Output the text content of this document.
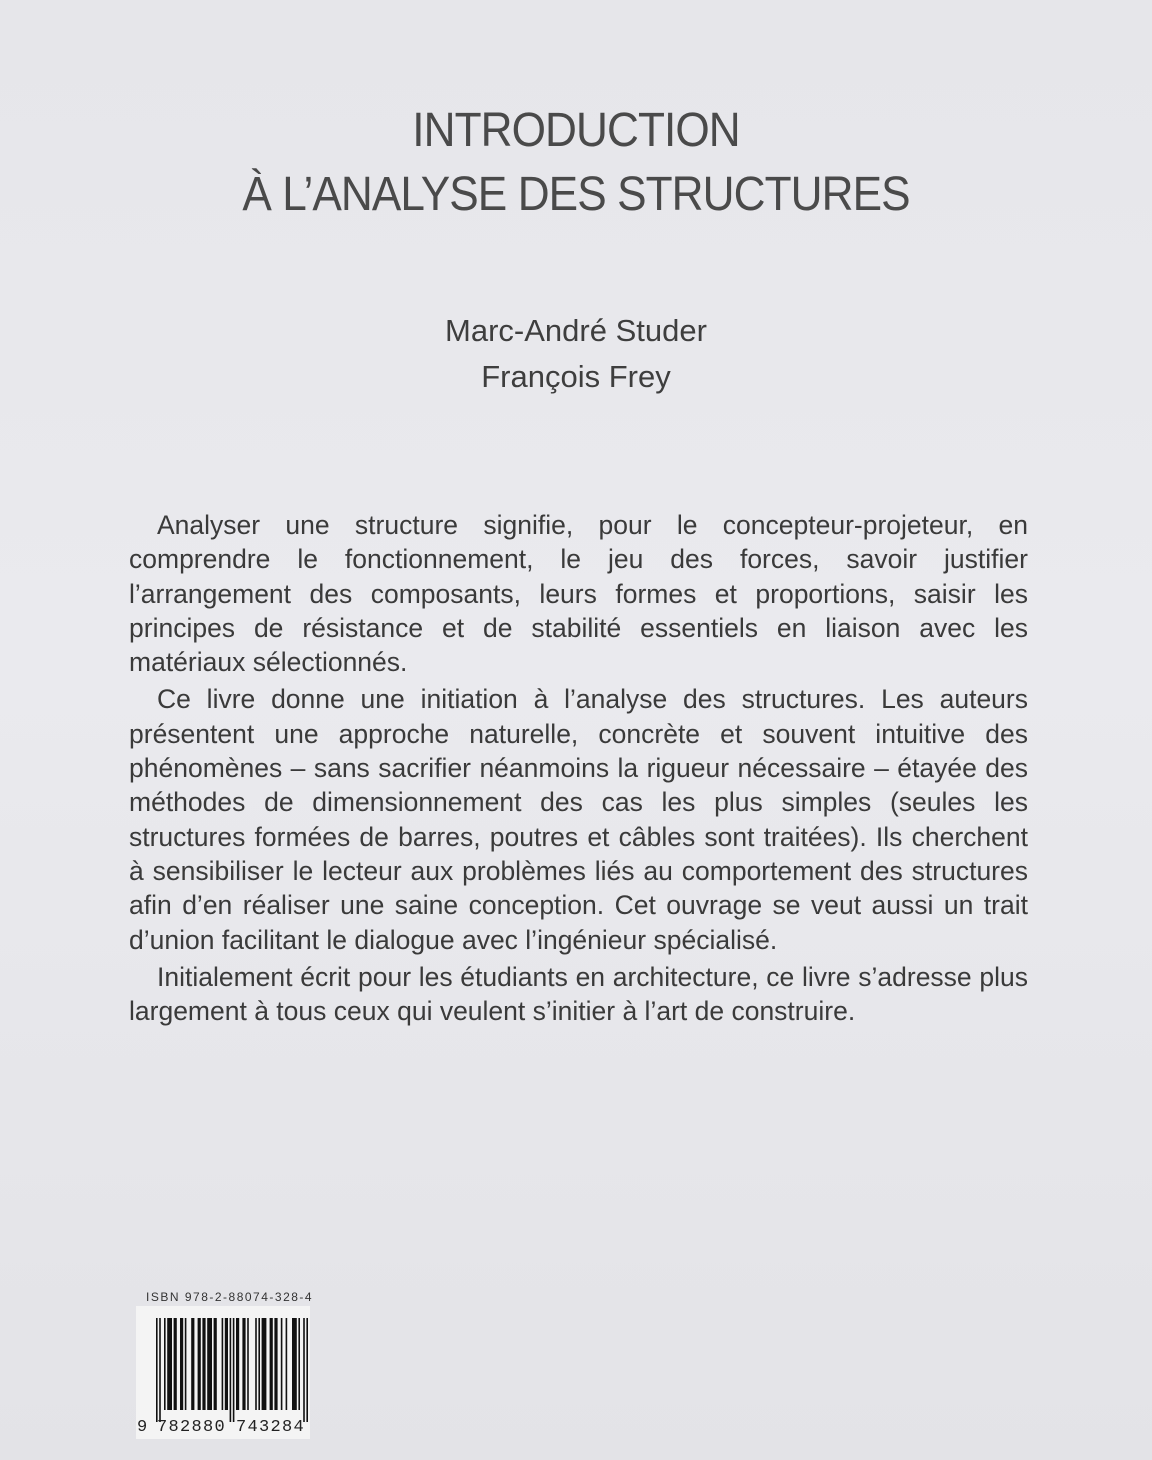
INTRODUCTION
À L’ANALYSE DES STRUCTURES
Marc-André Studer
François Frey

Analyser une structure signifie, pour le concepteur-projeteur, en comprendre le fonctionnement, le jeu des forces, savoir justifier l’arrangement des composants, leurs formes et proportions, saisir les principes de résistance et de stabilité essentiels en liaison avec les matériaux sélectionnés.

Ce livre donne une initiation à l’analyse des structures. Les auteurs présentent une approche naturelle, concrète et souvent intuitive des phénomènes – sans sacrifier néanmoins la rigueur nécessaire – étayée des méthodes de dimensionnement des cas les plus simples (seules les structures formées de barres, poutres et câbles sont traitées). Ils cherchent à sensibiliser le lecteur aux problèmes liés au comportement des structures afin d’en réaliser une saine conception. Cet ouvrage se veut aussi un trait d’union facilitant le dialogue avec l’ingénieur spécialisé.

Initialement écrit pour les étudiants en architecture, ce livre s’adresse plus largement à tous ceux qui veulent s’initier à l’art de construire.

ISBN 978-2-88074-328-4
9 782880 743284
